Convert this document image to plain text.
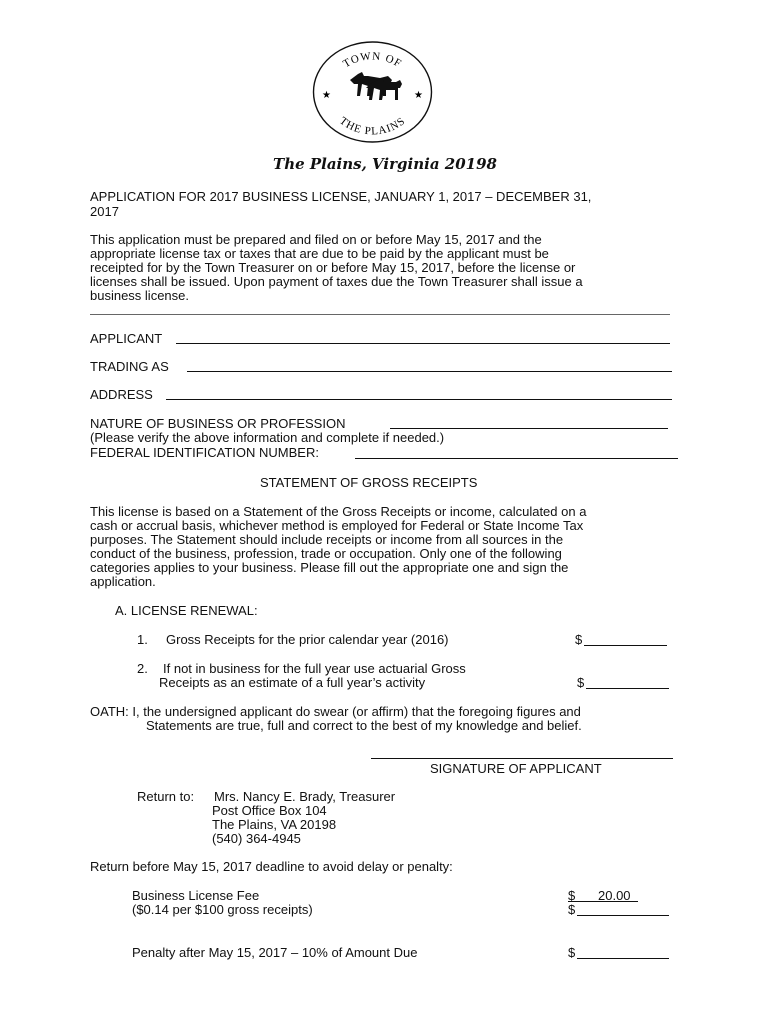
TOWN OF
THE PLAINS
★	★
The Plains, Virginia 20198
APPLICATION FOR 2017 BUSINESS LICENSE, JANUARY 1, 2017 – DECEMBER 31,
2017
This application must be prepared and filed on or before May 15, 2017 and the
appropriate license tax or taxes that are due to be paid by the applicant must be
receipted for by the Town Treasurer on or before May 15, 2017, before the license or
licenses shall be issued. Upon payment of taxes due the Town Treasurer shall issue a
business license.
APPLICANT
TRADING AS
ADDRESS
NATURE OF BUSINESS OR PROFESSION
(Please verify the above information and complete if needed.)
FEDERAL IDENTIFICATION NUMBER:
STATEMENT OF GROSS RECEIPTS
This license is based on a Statement of the Gross Receipts or income, calculated on a
cash or accrual basis, whichever method is employed for Federal or State Income Tax
purposes. The Statement should include receipts or income from all sources in the
conduct of the business, profession, trade or occupation. Only one of the following
categories applies to your business. Please fill out the appropriate one and sign the
application.
A. LICENSE RENEWAL:
1. Gross Receipts for the prior calendar year (2016)	$
2. If not in business for the full year use actuarial Gross
Receipts as an estimate of a full year’s activity	$
OATH: I, the undersigned applicant do swear (or affirm) that the foregoing figures and
Statements are true, full and correct to the best of my knowledge and belief.
SIGNATURE OF APPLICANT
Return to: Mrs. Nancy E. Brady, Treasurer
Post Office Box 104
The Plains, VA 20198
(540) 364-4945
Return before May 15, 2017 deadline to avoid delay or penalty:
Business License Fee	$ 20.00
($0.14 per $100 gross receipts)	$
Penalty after May 15, 2017 – 10% of Amount Due	$
